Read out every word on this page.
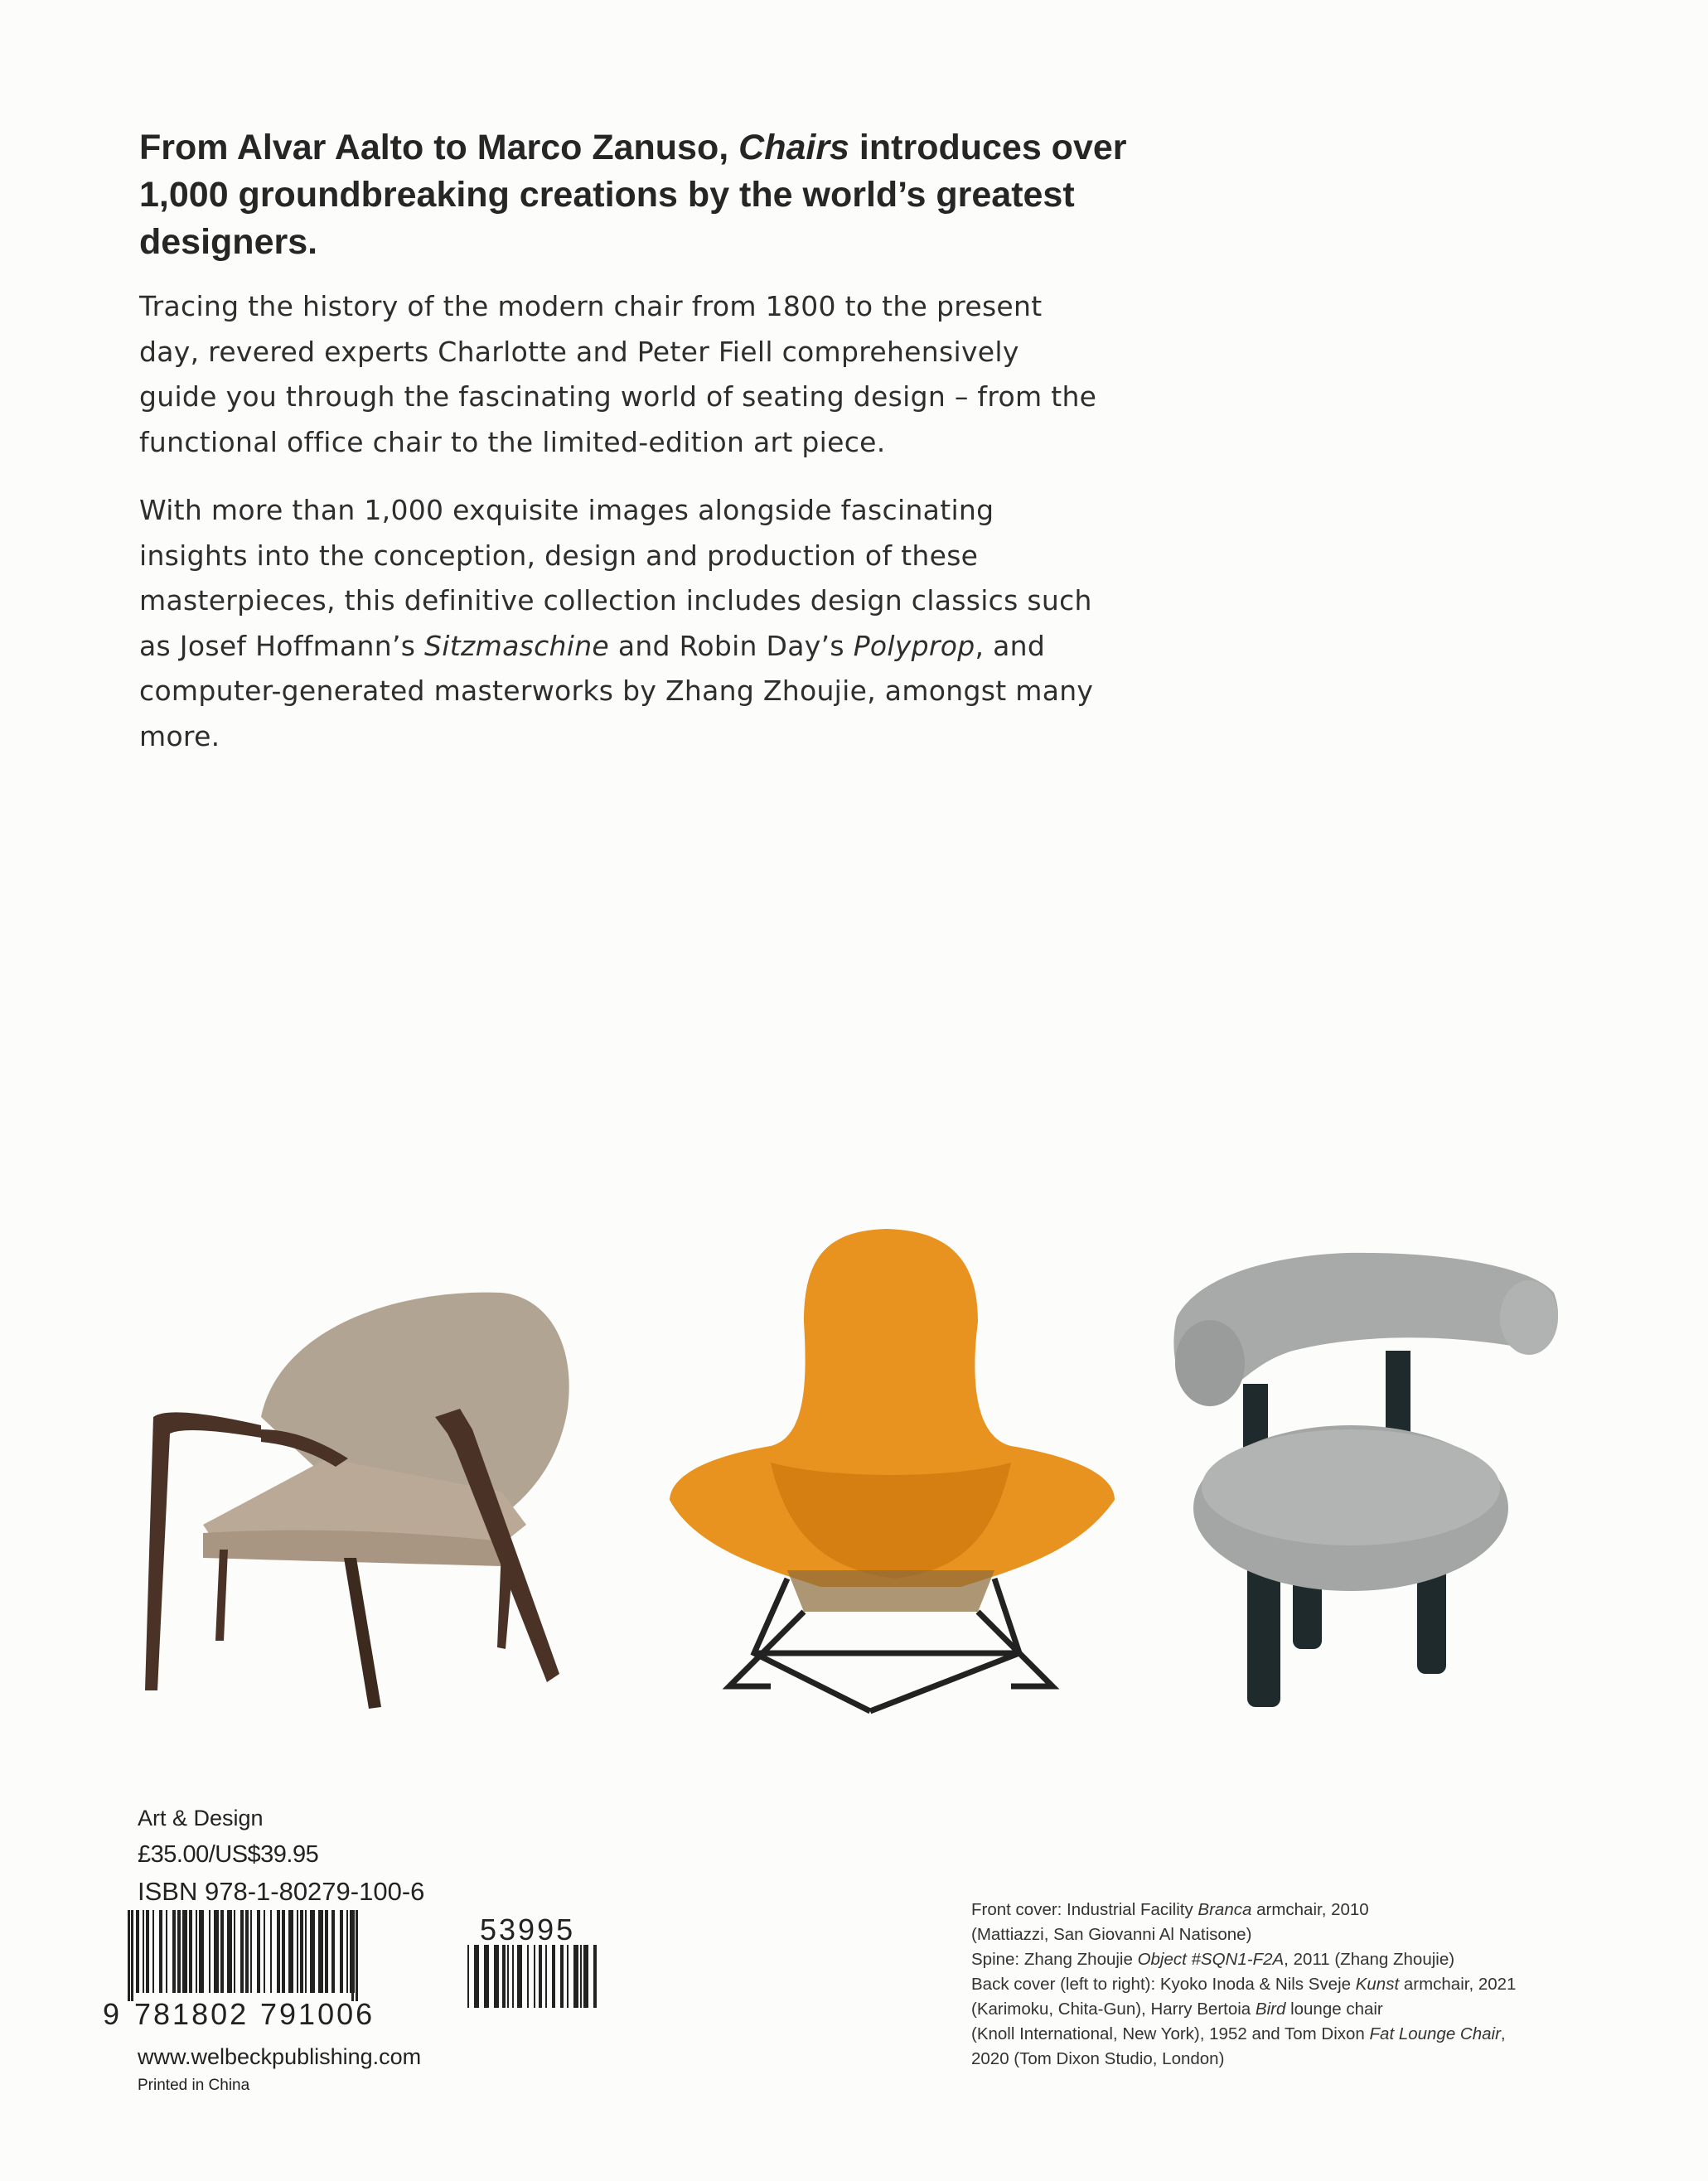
From Alvar Aalto to Marco Zanuso, Chairs introduces over 1,000 groundbreaking creations by the world’s greatest designers.
Tracing the history of the modern chair from 1800 to the present day, revered experts Charlotte and Peter Fiell comprehensively guide you through the fascinating world of seating design – from the functional office chair to the limited-edition art piece.
With more than 1,000 exquisite images alongside fascinating insights into the conception, design and production of these masterpieces, this definitive collection includes design classics such as Josef Hoffmann’s Sitzmaschine and Robin Day’s Polyprop, and computer-generated masterworks by Zhang Zhoujie, amongst many more.
Art & Design
£35.00/US$39.95
ISBN 978-1-80279-100-6
9 781802 791006
53995
www.welbeckpublishing.com
Printed in China
Front cover: Industrial Facility Branca armchair, 2010
(Mattiazzi, San Giovanni Al Natisone)
Spine: Zhang Zhoujie Object #SQN1-F2A, 2011 (Zhang Zhoujie)
Back cover (left to right): Kyoko Inoda & Nils Sveje Kunst armchair, 2021
(Karimoku, Chita-Gun), Harry Bertoia Bird lounge chair
(Knoll International, New York), 1952 and Tom Dixon Fat Lounge Chair,
2020 (Tom Dixon Studio, London)
